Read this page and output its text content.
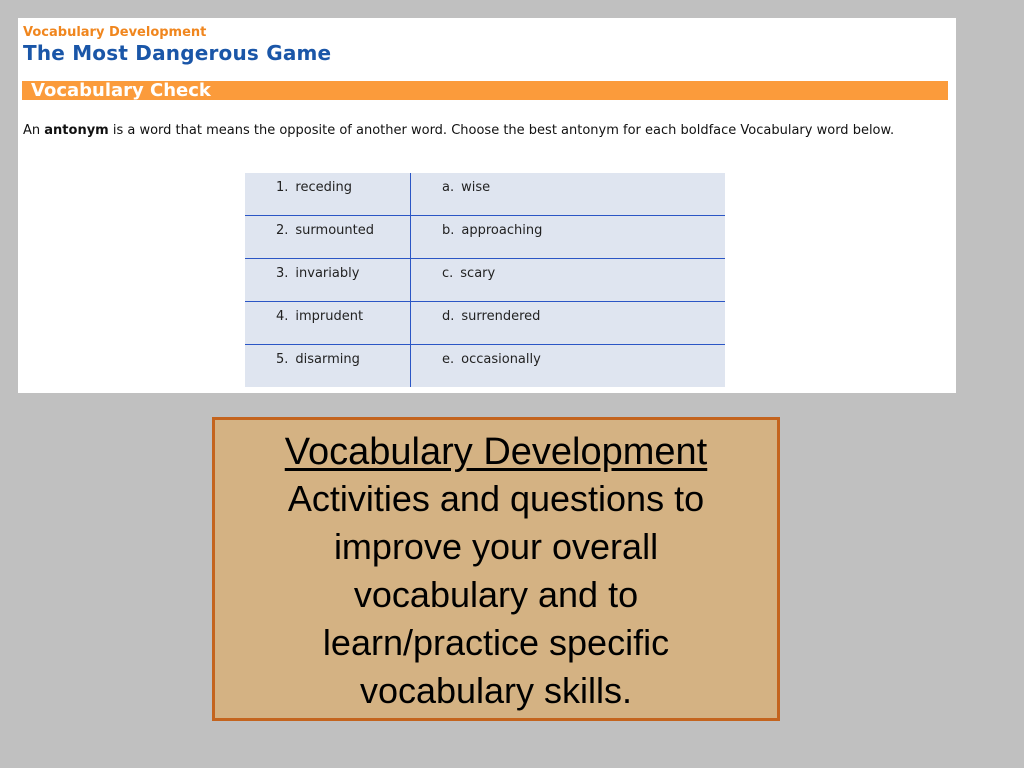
Vocabulary Development
The Most Dangerous Game
Vocabulary Check
An antonym is a word that means the opposite of another word. Choose the best antonym for each boldface Vocabulary word below.
1. receding	a. wise

2. surmounted	b. approaching

3. invariably	c. scary

4. imprudent	d. surrendered

5. disarming	e. occasionally
Vocabulary Development
Activities and questions to improve your overall vocabulary and to learn/practice specific vocabulary skills.
